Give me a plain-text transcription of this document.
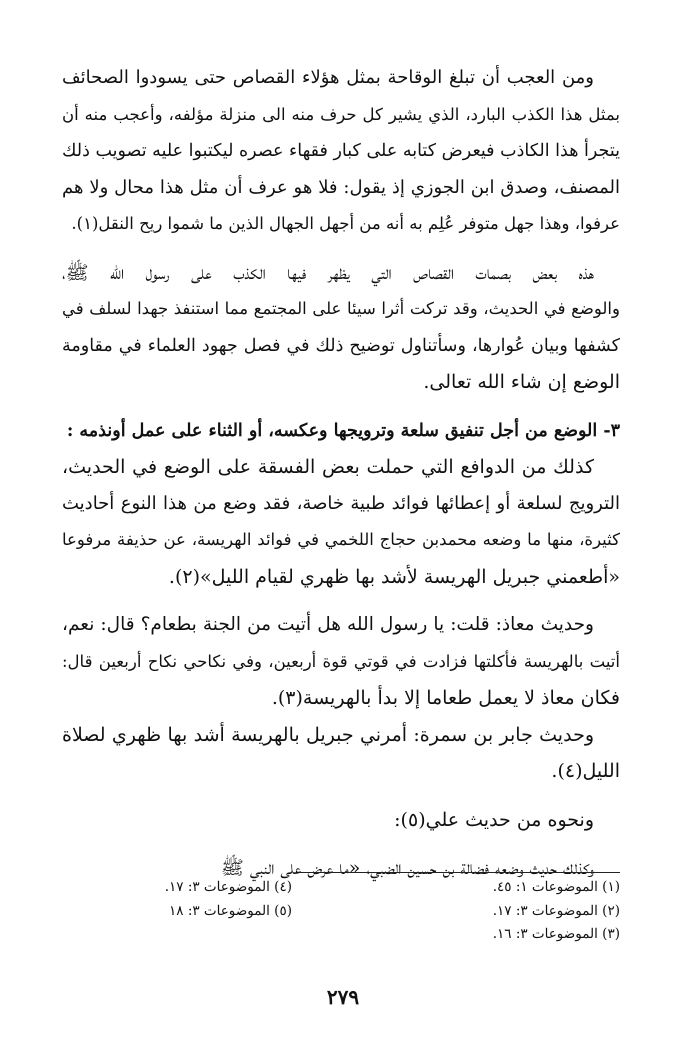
ومن العجب أن تبلغ الوقاحة بمثل هؤلاء القصاص حتى يسودوا الصحائف
بمثل هذا الكذب البارد، الذي يشير كل حرف منه الى منزلة مؤلفه، وأعجب منه أن
يتجرأ هذا الكاذب فيعرض كتابه على كبار فقهاء عصره ليكتبوا عليه تصويب ذلك
المصنف، وصدق ابن الجوزي إذ يقول: فلا هو عرف أن مثل هذا محال ولا هم
عرفوا، وهذا جهل متوفر عُلِم به أنه من أجهل الجهال الذين ما شموا ريح النقل(١).
هذه بعض بصمات القصاص التي يظهر فيها الكذب على رسول الله ﷺ،
والوضع في الحديث، وقد تركت أثرا سيئا على المجتمع مما استنفذ جهدا لسلف في
كشفها وبيان عُوارها، وسأتناول توضيح ذلك في فصل جهود العلماء في مقاومة
الوضع إن شاء الله تعالى.
٣- الوضع من أجل تنفيق سلعة وترويجها وعكسه، أو الثناء على عمل أونذمه :
كذلك من الدوافع التي حملت بعض الفسقة على الوضع في الحديث،
الترويج لسلعة أو إعطائها فوائد طبية خاصة، فقد وضع من هذا النوع أحاديث
كثيرة، منها ما وضعه محمدبن حجاج اللخمي في فوائد الهريسة، عن حذيفة مرفوعا
«أطعمني جبريل الهريسة لأشد بها ظهري لقيام الليل»(٢).
وحديث معاذ: قلت: يا رسول الله هل أتيت من الجنة بطعام؟ قال: نعم،
أتيت بالهريسة فأكلتها فزادت في قوتي قوة أربعين، وفي نكاحي نكاح أربعين قال:
فكان معاذ لا يعمل طعاما إلا بدأ بالهريسة(٣).
وحديث جابر بن سمرة: أمرني جبريل بالهريسة أشد بها ظهري لصلاة
الليل(٤).
ونحوه من حديث علي(٥):
وكذلك حديث وضعه فضالة بن حسين الضبي، «ما عرض على النبي ﷺ
(١) الموضوعات ١: ٤٥.
(٢) الموضوعات ٣: ١٧.
(٣) الموضوعات ٣: ١٦.
(٤) الموضوعات ٣: ١٧.
(٥) الموضوعات ٣: ١٨
٢٧٩
